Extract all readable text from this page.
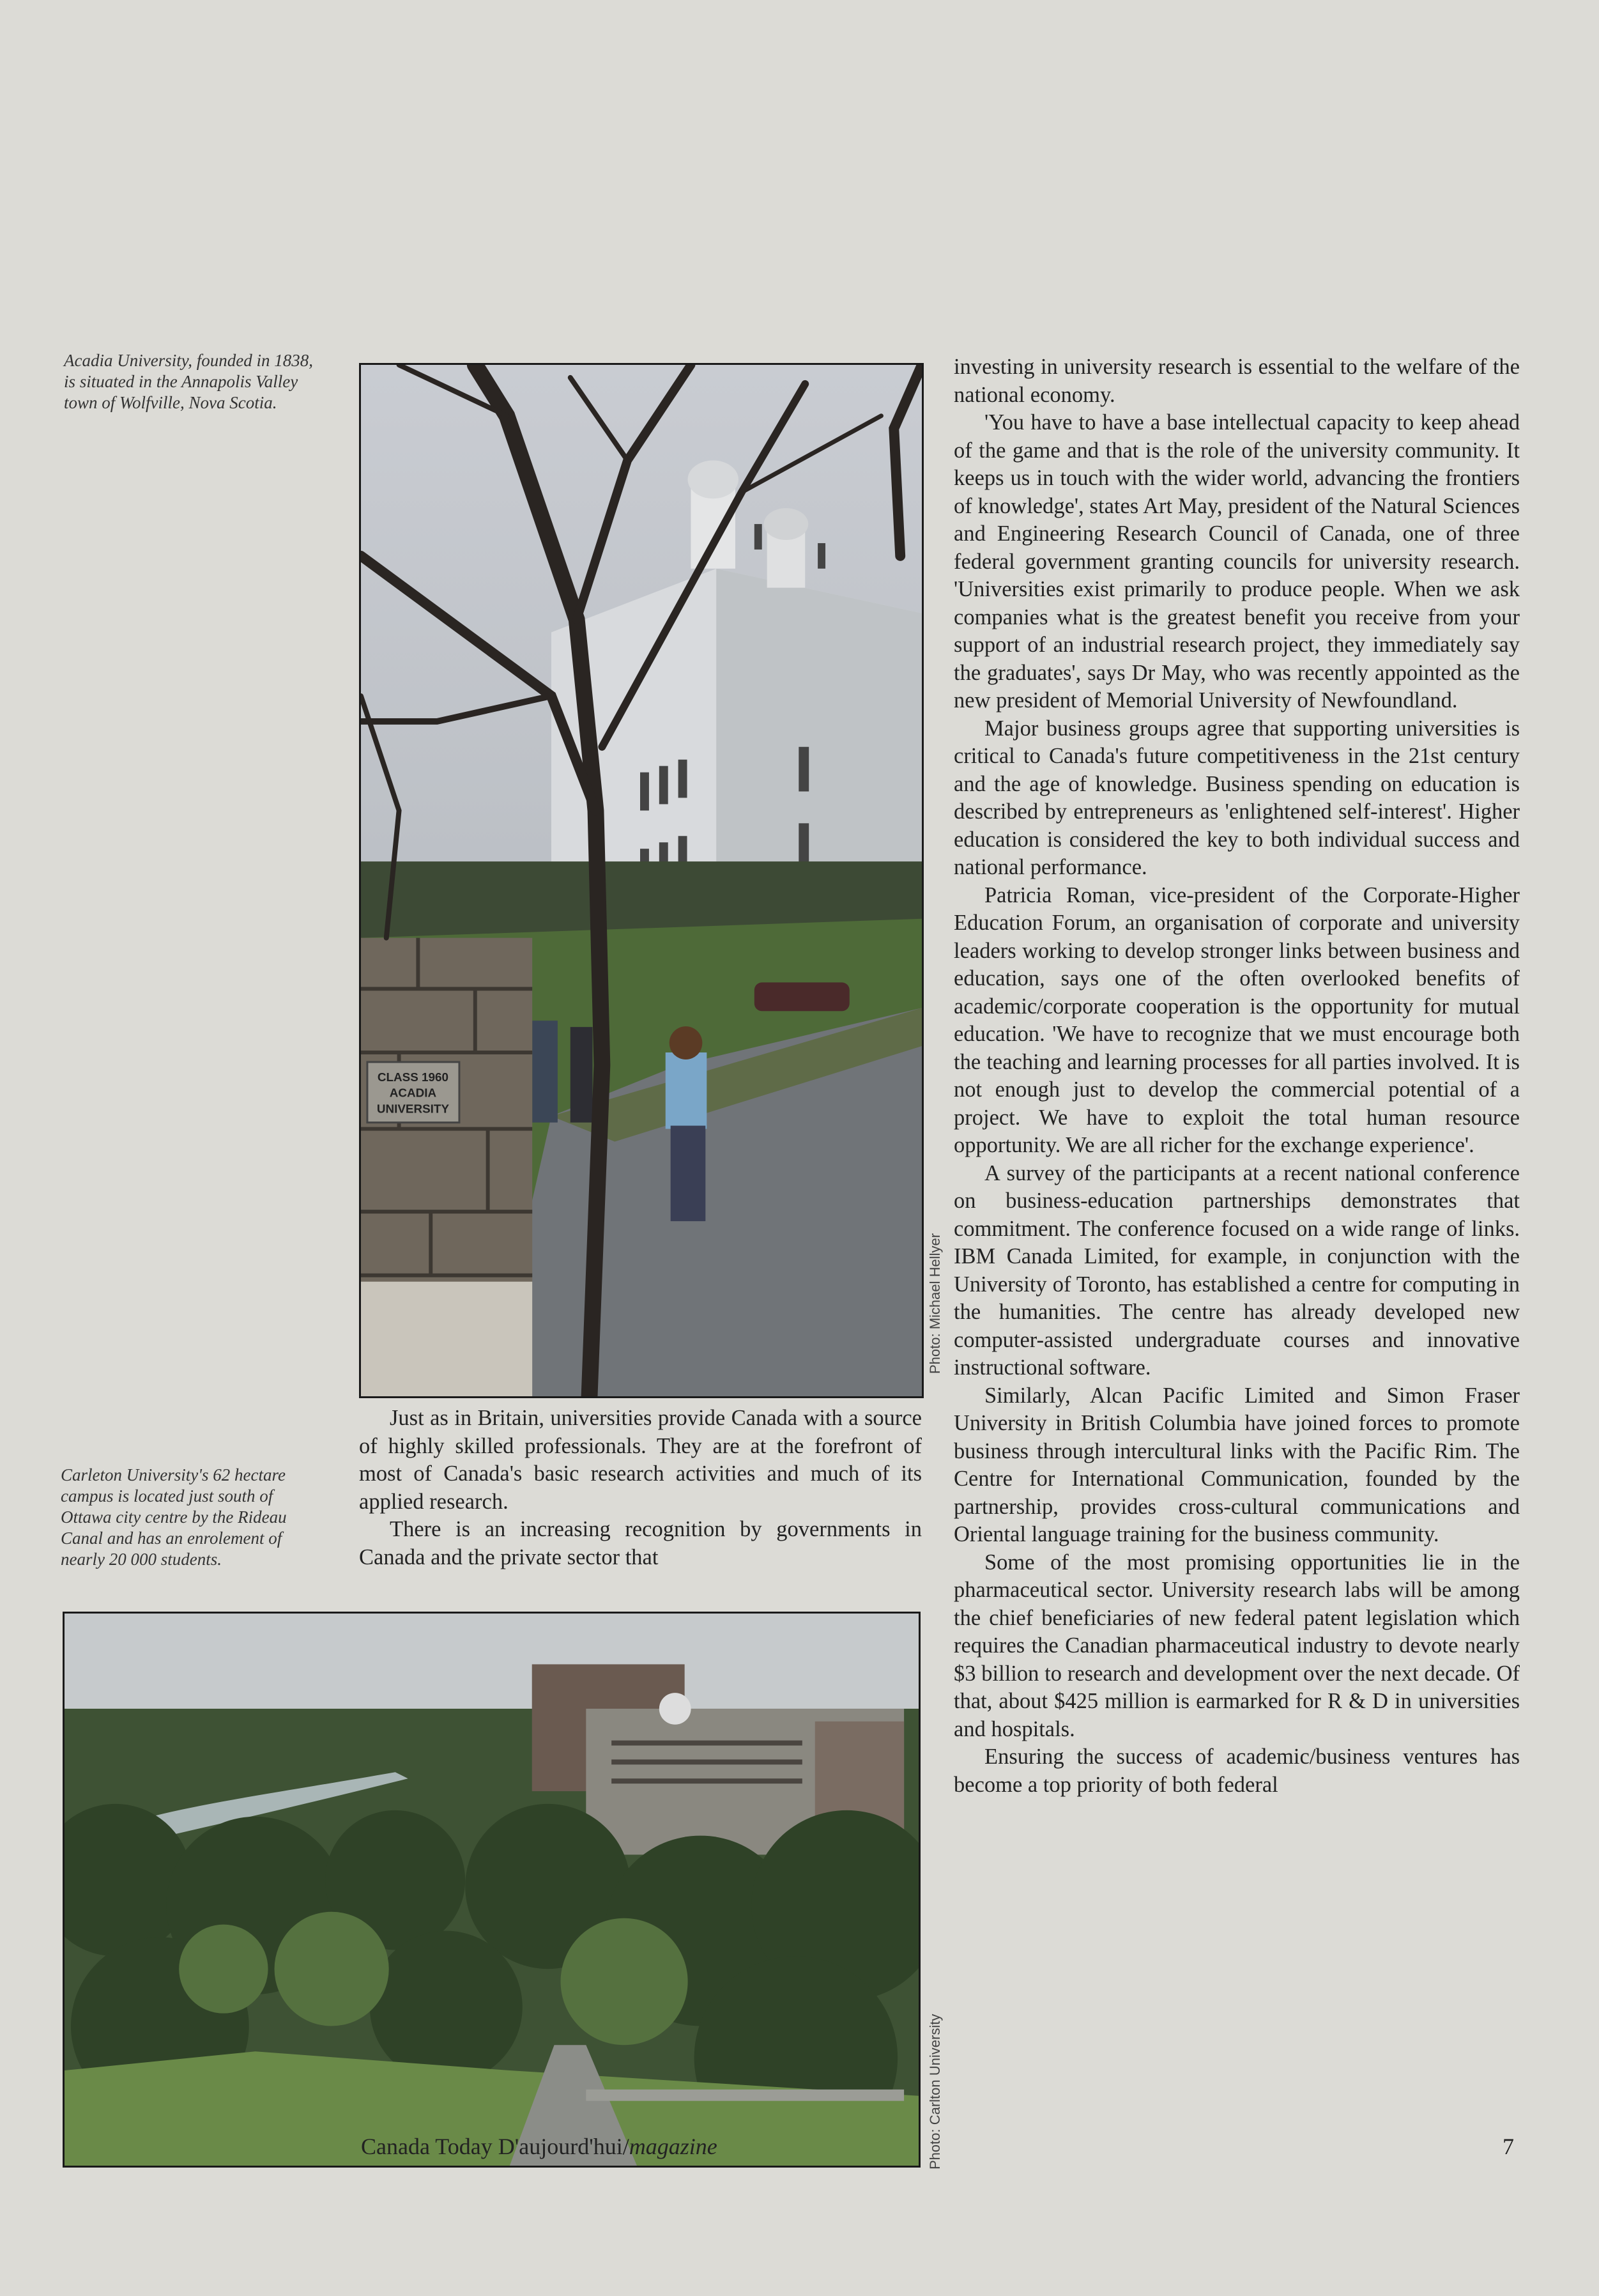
Acadia University, founded in 1838, is situated in the Annapolis Valley town of Wolfville, Nova Scotia.
Carleton University's 62 hectare campus is located just south of Ottawa city centre by the Rideau Canal and has an enrolement of nearly 20 000 students.
CLASS 1960
ACADIA
UNIVERSITY
Photo: Michael Hellyer
Photo: Carlton University

Just as in Britain, universities provide Canada with a source of highly skilled professionals. They are at the forefront of most of Canada's basic research activities and much of its applied research.

There is an increasing recognition by governments in Canada and the private sector that

investing in university research is essential to the welfare of the national economy.

'You have to have a base intellectual capacity to keep ahead of the game and that is the role of the university community. It keeps us in touch with the wider world, advancing the frontiers of knowledge', states Art May, president of the Natural Sciences and Engineering Research Council of Canada, one of three federal government granting councils for university research. 'Universities exist primarily to produce people. When we ask companies what is the greatest benefit you receive from your support of an industrial research project, they immediately say the graduates', says Dr May, who was recently appointed as the new president of Memorial University of Newfoundland.

Major business groups agree that supporting universities is critical to Canada's future competitiveness in the 21st century and the age of knowledge. Business spending on education is described by entrepreneurs as 'enlightened self-interest'. Higher education is considered the key to both individual success and national performance.

Patricia Roman, vice-president of the Corporate-Higher Education Forum, an organisation of corporate and university leaders working to develop stronger links between business and education, says one of the often overlooked benefits of academic/corporate cooperation is the opportunity for mutual education. 'We have to recognize that we must encourage both the teaching and learning processes for all parties involved. It is not enough just to develop the commercial potential of a project. We have to exploit the total human resource opportunity. We are all richer for the exchange experience'.

A survey of the participants at a recent national conference on business-education partnerships demonstrates that commitment. The conference focused on a wide range of links. IBM Canada Limited, for example, in conjunction with the University of Toronto, has established a centre for computing in the humanities. The centre has already developed new computer-assisted undergraduate courses and innovative instructional software.

Similarly, Alcan Pacific Limited and Simon Fraser University in British Columbia have joined forces to promote business through intercultural links with the Pacific Rim. The Centre for International Communication, founded by the partnership, provides cross-cultural communications and Oriental language training for the business community.

Some of the most promising opportunities lie in the pharmaceutical sector. University research labs will be among the chief beneficiaries of new federal patent legislation which requires the Canadian pharmaceutical industry to devote nearly $3 billion to research and development over the next decade. Of that, about $425 million is earmarked for R & D in universities and hospitals.

Ensuring the success of academic/business ventures has become a top priority of both federal

Canada Today D'aujourd'hui/magazine	7
